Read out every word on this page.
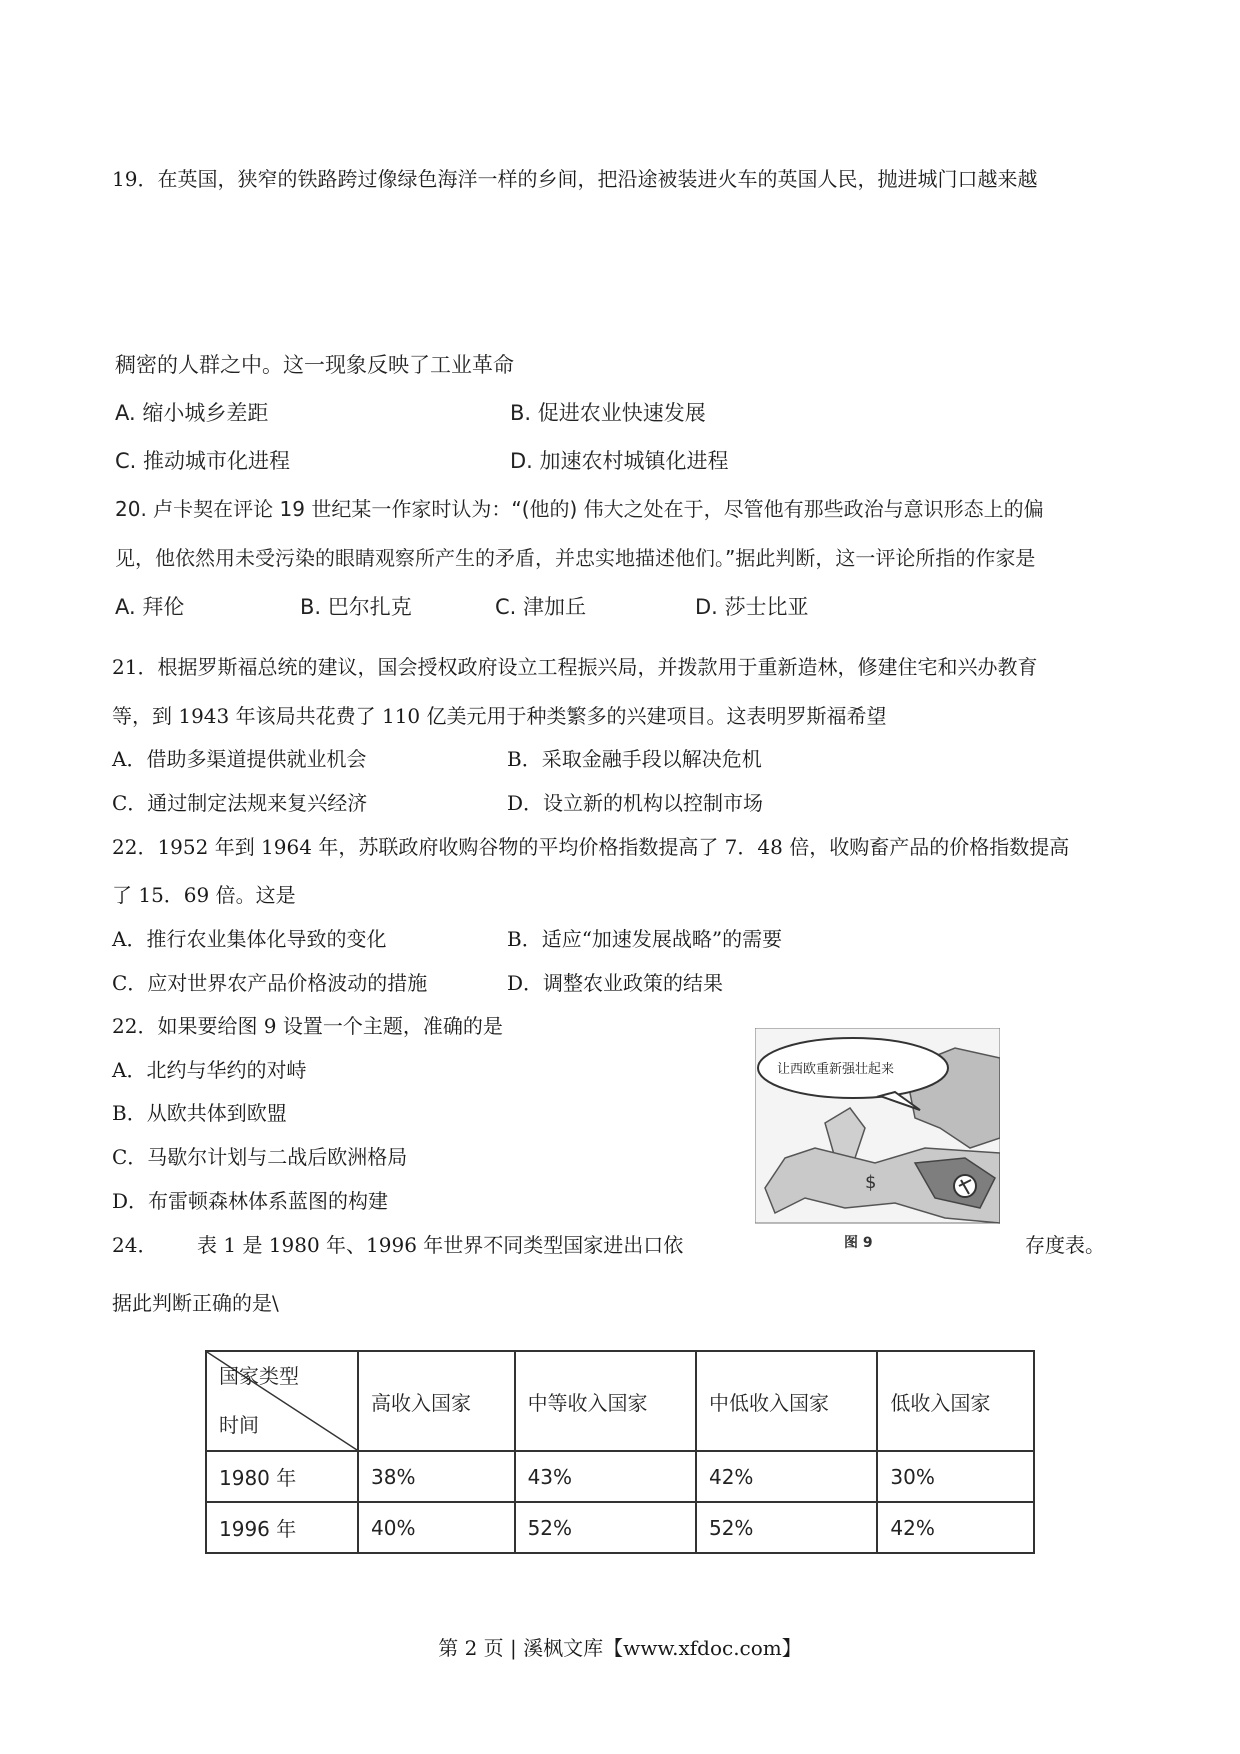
19．在英国，狭窄的铁路跨过像绿色海洋一样的乡间，把沿途被装进火车的英国人民，抛进城门口越来越
稠密的人群之中。这一现象反映了工业革命
A. 缩小城乡差距	B. 促进农业快速发展
C. 推动城市化进程	D. 加速农村城镇化进程
20. 卢卡契在评论 19 世纪某一作家时认为：“(他的) 伟大之处在于，尽管他有那些政治与意识形态上的偏
见，他依然用未受污染的眼睛观察所产生的矛盾，并忠实地描述他们。”据此判断，这一评论所指的作家是
A. 拜伦	B. 巴尔扎克	C. 津加丘	D. 莎士比亚
21．根据罗斯福总统的建议，国会授权政府设立工程振兴局，并拨款用于重新造林，修建住宅和兴办教育
等，到 1943 年该局共花费了 110 亿美元用于种类繁多的兴建项目。这表明罗斯福希望
A．借助多渠道提供就业机会	B．采取金融手段以解决危机
C．通过制定法规来复兴经济	D．设立新的机构以控制市场
22．1952 年到 1964 年，苏联政府收购谷物的平均价格指数提高了 7．48 倍，收购畜产品的价格指数提高
了 15．69 倍。这是
A．推行农业集体化导致的变化	B．适应“加速发展战略”的需要
C．应对世界农产品价格波动的措施	D．调整农业政策的结果
22．如果要给图 9 设置一个主题，准确的是
A．北约与华约的对峙
B．从欧共体到欧盟
C．马歇尔计划与二战后欧洲格局
D．布雷顿森林体系蓝图的构建
$
让西欧重新强壮起来
图 9
24． 表 1 是 1980 年、1996 年世界不同类型国家进出口依	存度表。
据此判断正确的是\
国家类型
时间	高收入国家	中等收入国家	中低收入国家	低收入国家
1980 年	38%	43%	42%	30%
1996 年	40%	52%	52%	42%
第 2 页 | 溪枫文库【www.xfdoc.com】
